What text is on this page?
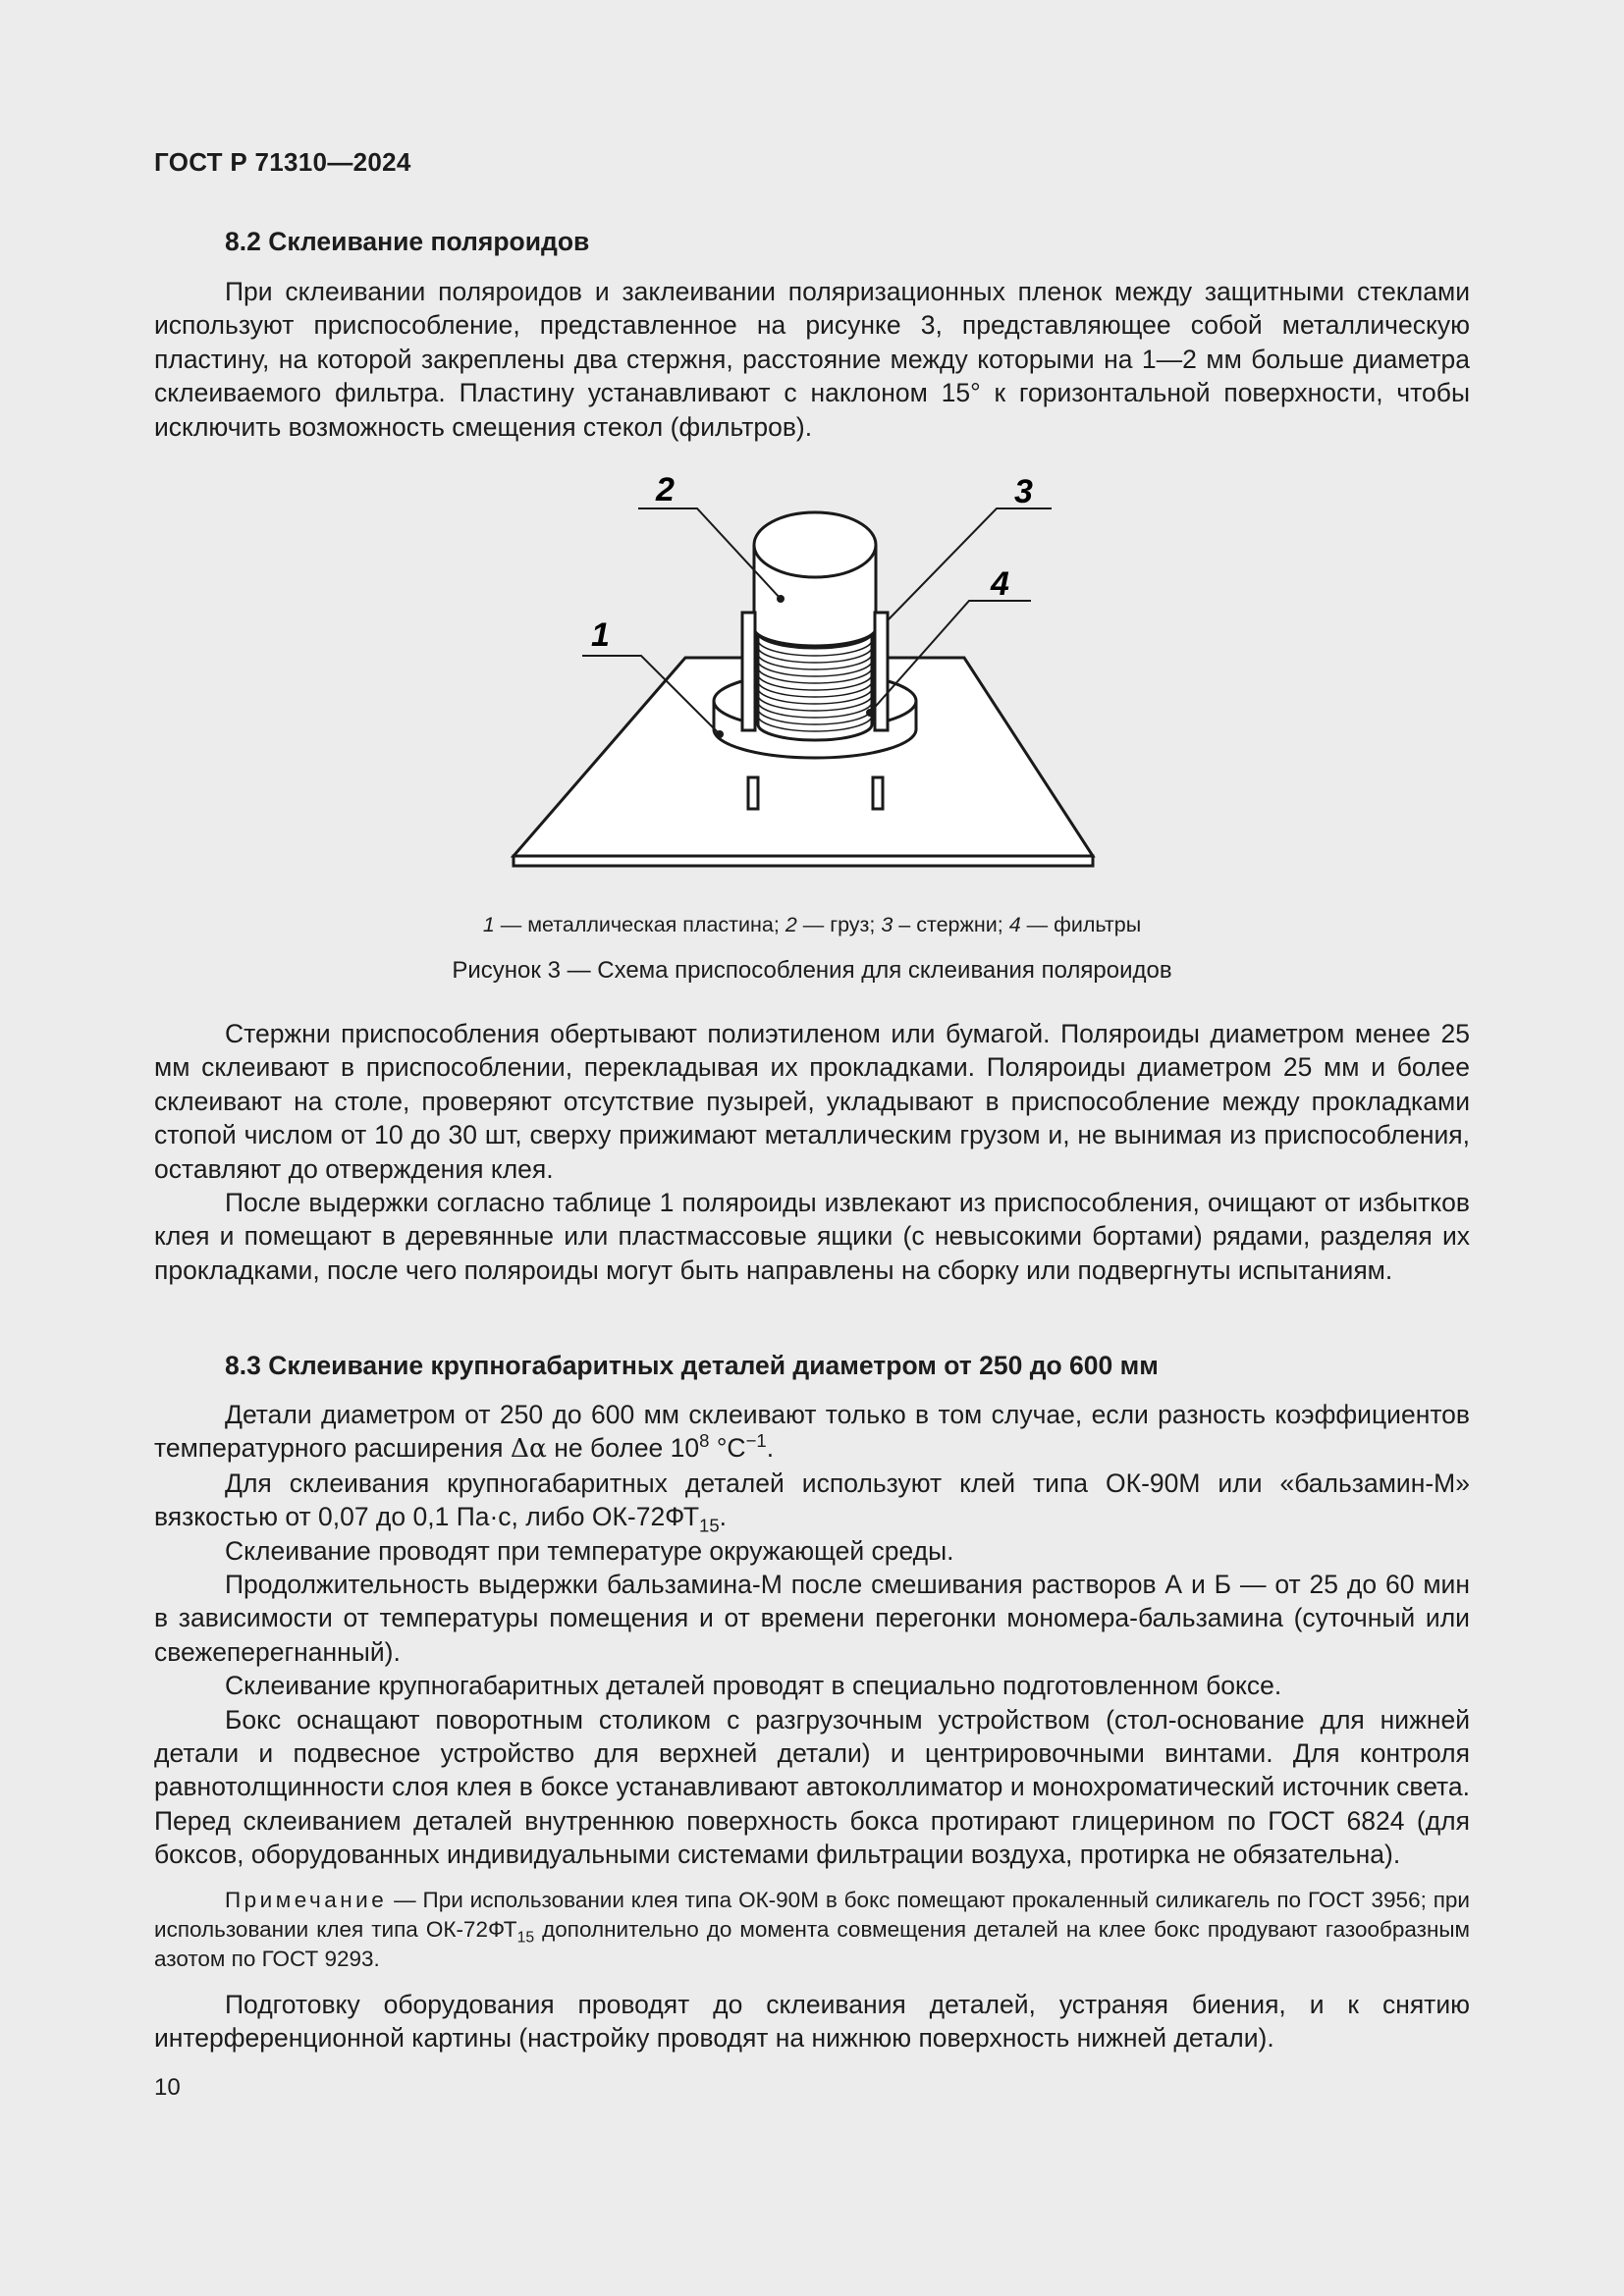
ГОСТ Р 71310—2024

8.2 Склеивание поляроидов

При склеивании поляроидов и заклеивании поляризационных пленок между защитными стеклами используют приспособление, представленное на рисунке 3, представляющее собой металлическую пластину, на которой закреплены два стержня, расстояние между которыми на 1—2 мм больше диаметра склеиваемого фильтра. Пластину устанавливают с наклоном 15° к горизонтальной поверхности, чтобы исключить возможность смещения стекол (фильтров).

2	3
4
1
1 — металлическая пластина; 2 — груз; 3 – стержни; 4 — фильтры
Рисунок 3 — Схема приспособления для склеивания поляроидов

Стержни приспособления обертывают полиэтиленом или бумагой. Поляроиды диаметром менее 25 мм склеивают в приспособлении, перекладывая их прокладками. Поляроиды диаметром 25 мм и более склеивают на столе, проверяют отсутствие пузырей, укладывают в приспособление между прокладками стопой числом от 10 до 30 шт, сверху прижимают металлическим грузом и, не вынимая из приспособления, оставляют до отверждения клея.

После выдержки согласно таблице 1 поляроиды извлекают из приспособления, очищают от избытков клея и помещают в деревянные или пластмассовые ящики (с невысокими бортами) рядами, разделяя их прокладками, после чего поляроиды могут быть направлены на сборку или подвергнуты испытаниям.

8.3 Склеивание крупногабаритных деталей диаметром от 250 до 600 мм

Детали диаметром от 250 до 600 мм склеивают только в том случае, если разность коэффициентов температурного расширения Δα не более $10^8$ $^\circ С^{-1}$.

Для склеивания крупногабаритных деталей используют клей типа ОК-90М или «бальзамин-М» вязкостью от 0,07 до 0,1 Па·с, либо $ОК-72ФТ_{15}$.

Склеивание проводят при температуре окружающей среды.

Продолжительность выдержки бальзамина-М после смешивания растворов А и Б — от 25 до 60 мин в зависимости от температуры помещения и от времени перегонки мономера-бальзамина (суточный или свежеперегнанный).

Склеивание крупногабаритных деталей проводят в специально подготовленном боксе.

Бокс оснащают поворотным столиком с разгрузочным устройством (стол-основание для нижней детали и подвесное устройство для верхней детали) и центрировочными винтами. Для контроля равнотолщинности слоя клея в боксе устанавливают автоколлиматор и монохроматический источник света. Перед склеиванием деталей внутреннюю поверхность бокса протирают глицерином по ГОСТ 6824 (для боксов, оборудованных индивидуальными системами фильтрации воздуха, протирка не обязательна).

Примечание — При использовании клея типа ОК-90М в бокс помещают прокаленный силикагель по ГОСТ 3956; при использовании клея типа $ОК-72ФТ_{15}$ дополнительно до момента совмещения деталей на клее бокс продувают газообразным азотом по ГОСТ 9293.

Подготовку оборудования проводят до склеивания деталей, устраняя биения, и к снятию интерференционной картины (настройку проводят на нижнюю поверхность нижней детали).

10
